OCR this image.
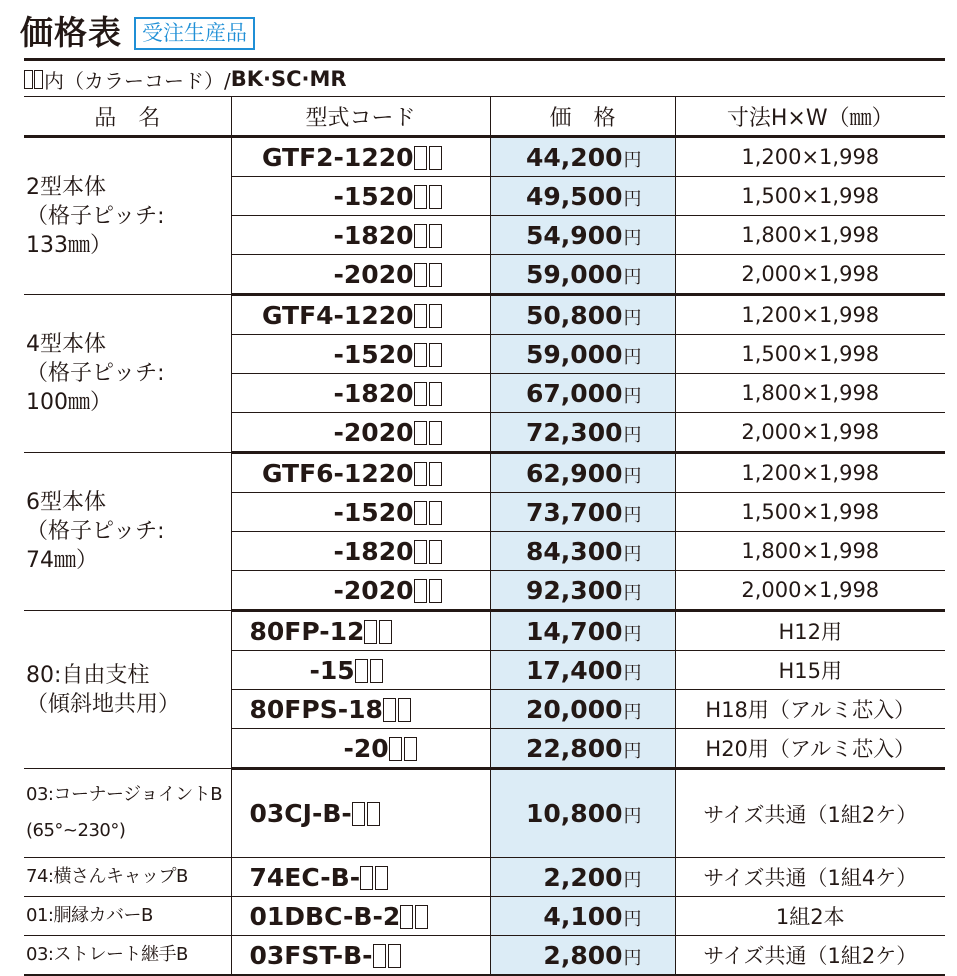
価格表 受注生産品
内（カラーコード）/ BK·SC·MR
品　名	型式コード	価　格	寸法H×W（㎜）

2型本体
（格子ピッチ:
133㎜）	GTF2-1220	44,200円	1,200×1,998
	-1520	49,500円	1,500×1,998
	-1820	54,900円	1,800×1,998
	-2020	59,000円	2,000×1,998

4型本体
（格子ピッチ:
100㎜）	GTF4-1220	50,800円	1,200×1,998
	-1520	59,000円	1,500×1,998
	-1820	67,000円	1,800×1,998
	-2020	72,300円	2,000×1,998

6型本体
（格子ピッチ:
74㎜）	GTF6-1220	62,900円	1,200×1,998
	-1520	73,700円	1,500×1,998
	-1820	84,300円	1,800×1,998
	-2020	92,300円	2,000×1,998

80:自由支柱
（傾斜地共用）	80FP-12	14,700円	H12用
	-15	17,400円	H15用
	80FPS-18	20,000円	H18用（アルミ芯入）
	-20	22,800円	H20用（アルミ芯入）

03:コーナージョイントB
(65°~230°)	03CJ-B-	10,800円	サイズ共通（1組2ケ）
74:横さんキャップB	74EC-B-	2,200円	サイズ共通（1組4ケ）
01:胴縁カバーB	01DBC-B-2	4,100円	1組2本
03:ストレート継手B	03FST-B-	2,800円	サイズ共通（1組2ケ）
